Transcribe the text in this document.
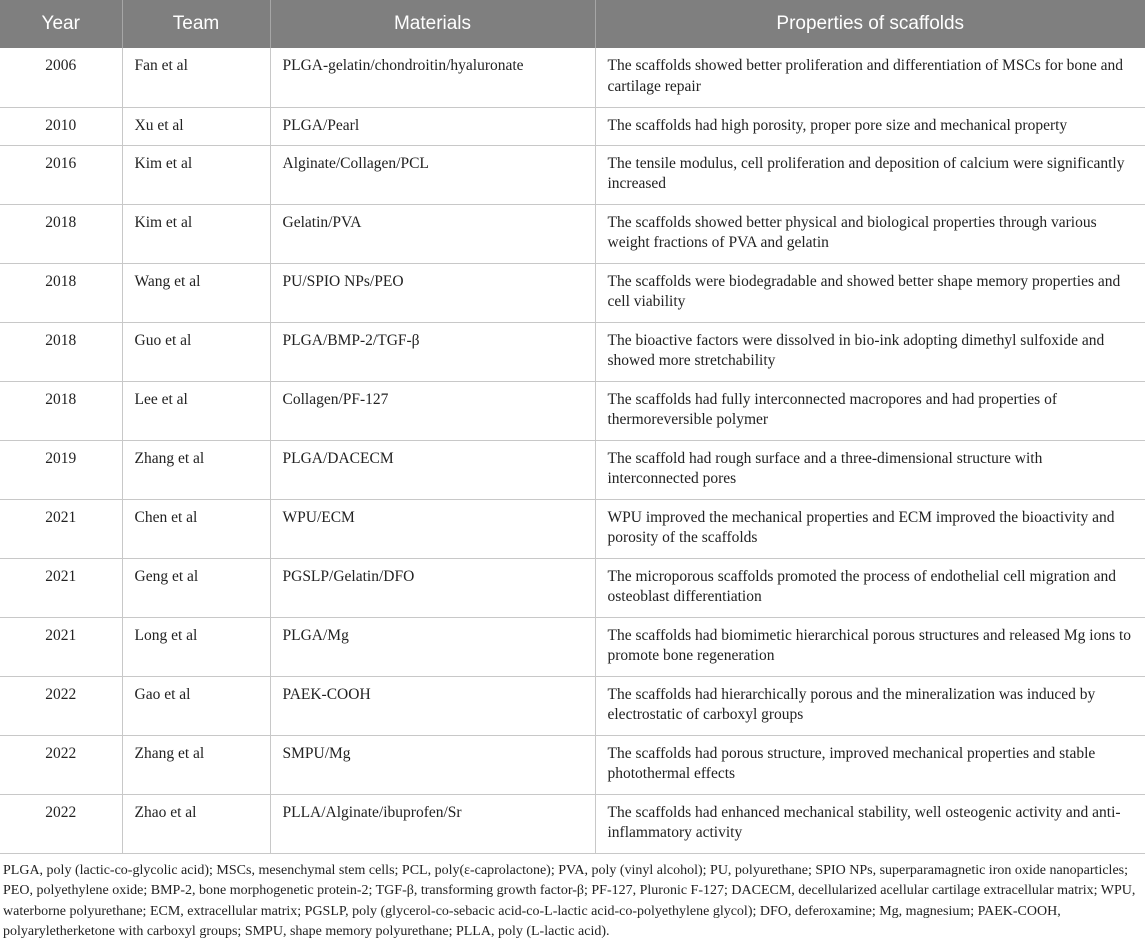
Year	Team	Materials	Properties of scaffolds
2006	Fan et al	PLGA-gelatin/chondroitin/hyaluronate	The scaffolds showed better proliferation and differentiation of MSCs for bone and cartilage repair
2010	Xu et al	PLGA/Pearl	The scaffolds had high porosity, proper pore size and mechanical property
2016	Kim et al	Alginate/Collagen/PCL	The tensile modulus, cell proliferation and deposition of calcium were significantly increased
2018	Kim et al	Gelatin/PVA	The scaffolds showed better physical and biological properties through various weight fractions of PVA and gelatin
2018	Wang et al	PU/SPIO NPs/PEO	The scaffolds were biodegradable and showed better shape memory properties and cell viability
2018	Guo et al	PLGA/BMP-2/TGF-β	The bioactive factors were dissolved in bio-ink adopting dimethyl sulfoxide and showed more stretchability
2018	Lee et al	Collagen/PF-127	The scaffolds had fully interconnected macropores and had properties of thermoreversible polymer
2019	Zhang et al	PLGA/DACECM	The scaffold had rough surface and a three-dimensional structure with interconnected pores
2021	Chen et al	WPU/ECM	WPU improved the mechanical properties and ECM improved the bioactivity and porosity of the scaffolds
2021	Geng et al	PGSLP/Gelatin/DFO	The microporous scaffolds promoted the process of endothelial cell migration and osteoblast differentiation
2021	Long et al	PLGA/Mg	The scaffolds had biomimetic hierarchical porous structures and released Mg ions to promote bone regeneration
2022	Gao et al	PAEK-COOH	The scaffolds had hierarchically porous and the mineralization was induced by electrostatic of carboxyl groups
2022	Zhang et al	SMPU/Mg	The scaffolds had porous structure, improved mechanical properties and stable photothermal effects
2022	Zhao et al	PLLA/Alginate/ibuprofen/Sr	The scaffolds had enhanced mechanical stability, well osteogenic activity and anti-inflammatory activity
PLGA, poly (lactic-co-glycolic acid); MSCs, mesenchymal stem cells; PCL, poly(ε-caprolactone); PVA, poly (vinyl alcohol); PU, polyurethane; SPIO NPs, superparamagnetic iron oxide nanoparticles; PEO, polyethylene oxide; BMP-2, bone morphogenetic protein-2; TGF-β, transforming growth factor-β; PF-127, Pluronic F-127; DACECM, decellularized acellular cartilage extracellular matrix; WPU, waterborne polyurethane; ECM, extracellular matrix; PGSLP, poly (glycerol-co-sebacic acid-co-L-lactic acid-co-polyethylene glycol); DFO, deferoxamine; Mg, magnesium; PAEK-COOH, polyaryletherketone with carboxyl groups; SMPU, shape memory polyurethane; PLLA, poly (L-lactic acid).
